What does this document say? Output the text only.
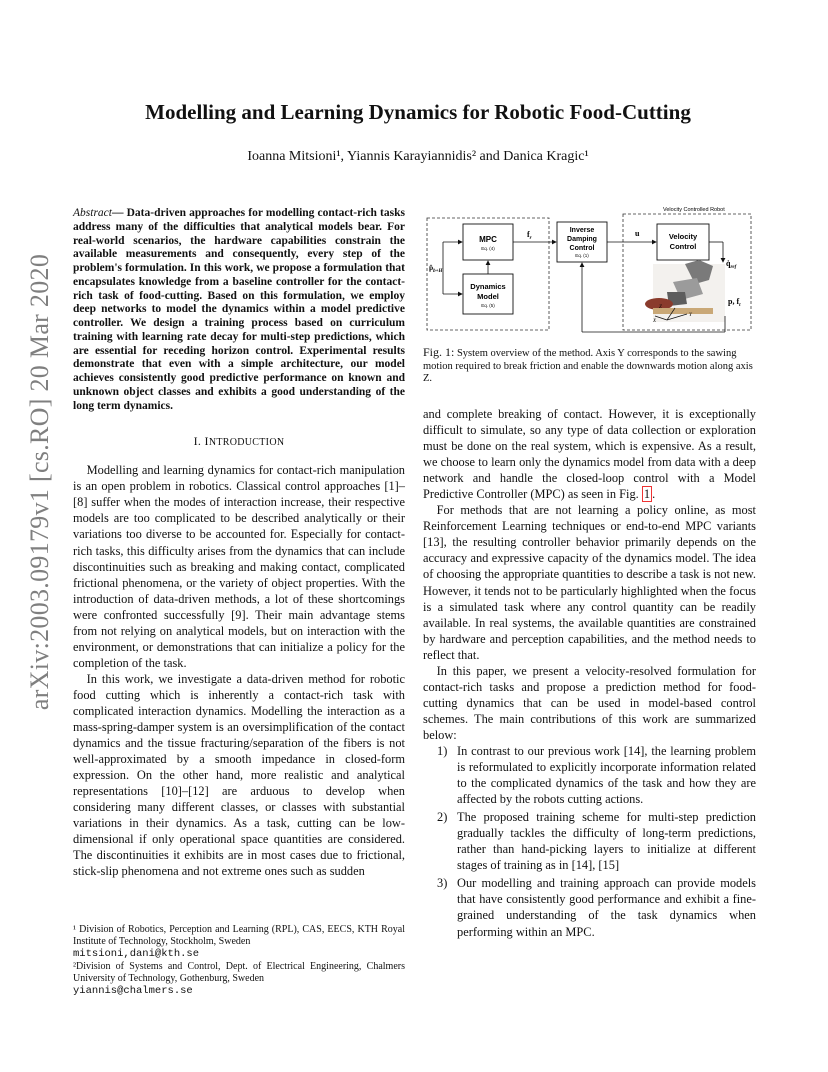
arXiv:2003.09179v1 [cs.RO] 20 Mar 2020
Modelling and Learning Dynamics for Robotic Food-Cutting
Ioanna Mitsioni¹, Yiannis Karayiannidis² and Danica Kragic¹

Abstract— Data-driven approaches for modelling contact-rich tasks address many of the difficulties that analytical models bear. For real-world scenarios, the hardware capabilities constrain the available measurements and consequently, every step of the problem's formulation. In this work, we propose a formulation that encapsulates knowledge from a baseline controller for the contact-rich task of food-cutting. Based on this formulation, we employ deep networks to model the dynamics within a model predictive controller. We design a training process based on curriculum training with learning rate decay for multi-step predictions, which are essential for receding horizon control. Experimental results demonstrate that even with a simple architecture, our model achieves consistently good predictive performance on known and unknown object classes and exhibits a good understanding of the long term dynamics.

I. INTRODUCTION

Modelling and learning dynamics for contact-rich manipulation is an open problem in robotics. Classical control approaches [1]–[8] suffer when the modes of interaction increase, their respective models are too complicated to be described analytically or their variations too diverse to be accounted for. Especially for contact-rich tasks, this difficulty arises from the dynamics that can include discontinuities such as breaking and making contact, complicated frictional phenomena, or the variety of object properties. With the introduction of data-driven methods, a lot of these shortcomings were confronted successfully [9]. Their main advantage stems from not relying on analytical models, but on interaction with the environment, or demonstrations that can initialize a policy for the completion of the task.

In this work, we investigate a data-driven method for robotic food cutting which is inherently a contact-rich task with complicated interaction dynamics. Modelling the interaction as a mass-spring-damper system is an oversimplification of the contact dynamics and the tissue fracturing/separation of the fibers is not well-approximated by a smooth impedance in closed-form expression. On the other hand, more realistic and analytical representations [10]–[12] are arduous to develop when considering many different classes, or classes with substantial variations in their dynamics. As a task, cutting can be low-dimensional if only operational space quantities are considered. The discontinuities it exhibits are in most cases due to frictional, stick-slip phenomena and not extreme ones such as sudden

¹ Division of Robotics, Perception and Learning (RPL), CAS, EECS, KTH Royal Institute of Technology, Stockholm, Sweden
mitsioni,dani@kth.se
²Division of Systems and Control, Dept. of Electrical Engineering, Chalmers University of Technology, Gothenburg, Sweden
yiannis@chalmers.se
Velocity Controlled Robot
MPC
Eq. (4)
Dynamics
Model
Eq. (5)
Inverse
Damping
Control
Eq. (1)
Velocity
Control
Z
Y
X
$f_r$
u
$q̇_{ref}$
p, $f_t$
$p̂_{b+H}$
Fig. 1: System overview of the method. Axis Y corresponds to the sawing motion required to break friction and enable the downwards motion along axis Z.

and complete breaking of contact. However, it is exceptionally difficult to simulate, so any type of data collection or exploration must be done on the real system, which is expensive. As a result, we choose to learn only the dynamics model from data with a deep network and handle the closed-loop control with a Model Predictive Controller (MPC) as seen in Fig. 1 .

For methods that are not learning a policy online, as most Reinforcement Learning techniques or end-to-end MPC variants [13], the resulting controller behavior primarily depends on the accuracy and expressive capacity of the dynamics model. The idea of choosing the appropriate quantities to describe a task is not new. However, it tends not to be particularly highlighted when the focus is a simulated task where any control quantity can be readily available. In real systems, the available quantities are constrained by hardware and perception capabilities, and the method needs to reflect that.

In this paper, we present a velocity-resolved formulation for contact-rich tasks and propose a prediction method for food-cutting dynamics that can be used in model-based control schemes. The main contributions of this work are summarized below:

1) In contrast to our previous work [14], the learning problem is reformulated to explicitly incorporate information related to the complicated dynamics of the task and how they are affected by the robots cutting actions.
2) The proposed training scheme for multi-step prediction gradually tackles the difficulty of long-term predictions, rather than hand-picking layers to initialize at different stages of training as in [14], [15]
3) Our modelling and training approach can provide models that have consistently good performance and exhibit a fine-grained understanding of the task dynamics when performing within an MPC.
